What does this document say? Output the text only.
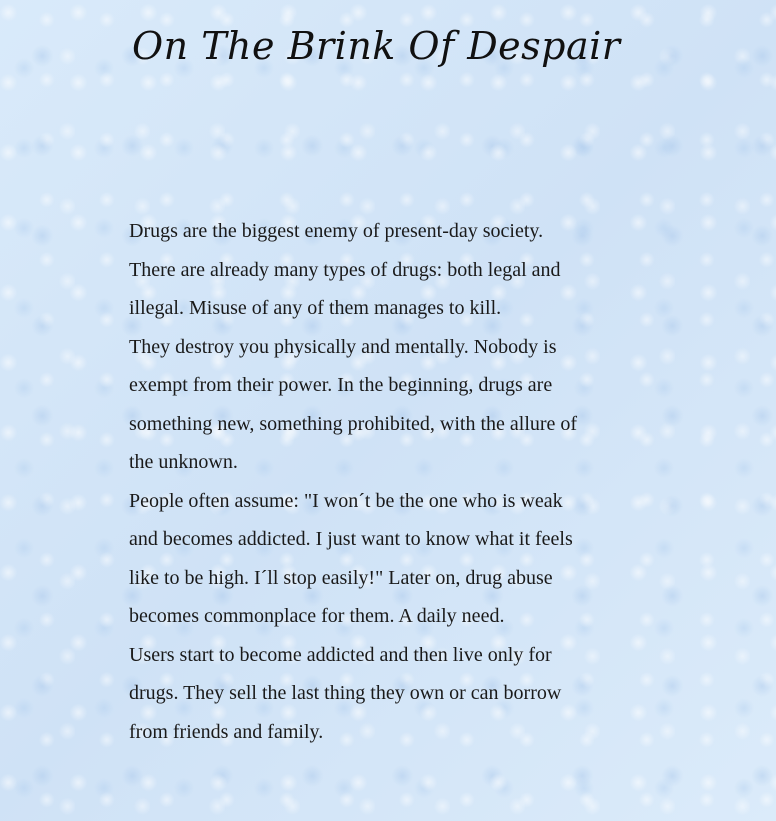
On The Brink Of Despair
Drugs are the biggest enemy of present-day society.
There are already many types of drugs: both legal and
illegal. Misuse of any of them manages to kill.
They destroy you physically and mentally. Nobody is
exempt from their power. In the beginning, drugs are
something new, something prohibited, with the allure of
the unknown.
People often assume: "I won´t be the one who is weak
and becomes addicted. I just want to know what it feels
like to be high. I´ll stop easily!" Later on, drug abuse
becomes commonplace for them. A daily need.
Users start to become addicted and then live only for
drugs. They sell the last thing they own or can borrow
from friends and family.
